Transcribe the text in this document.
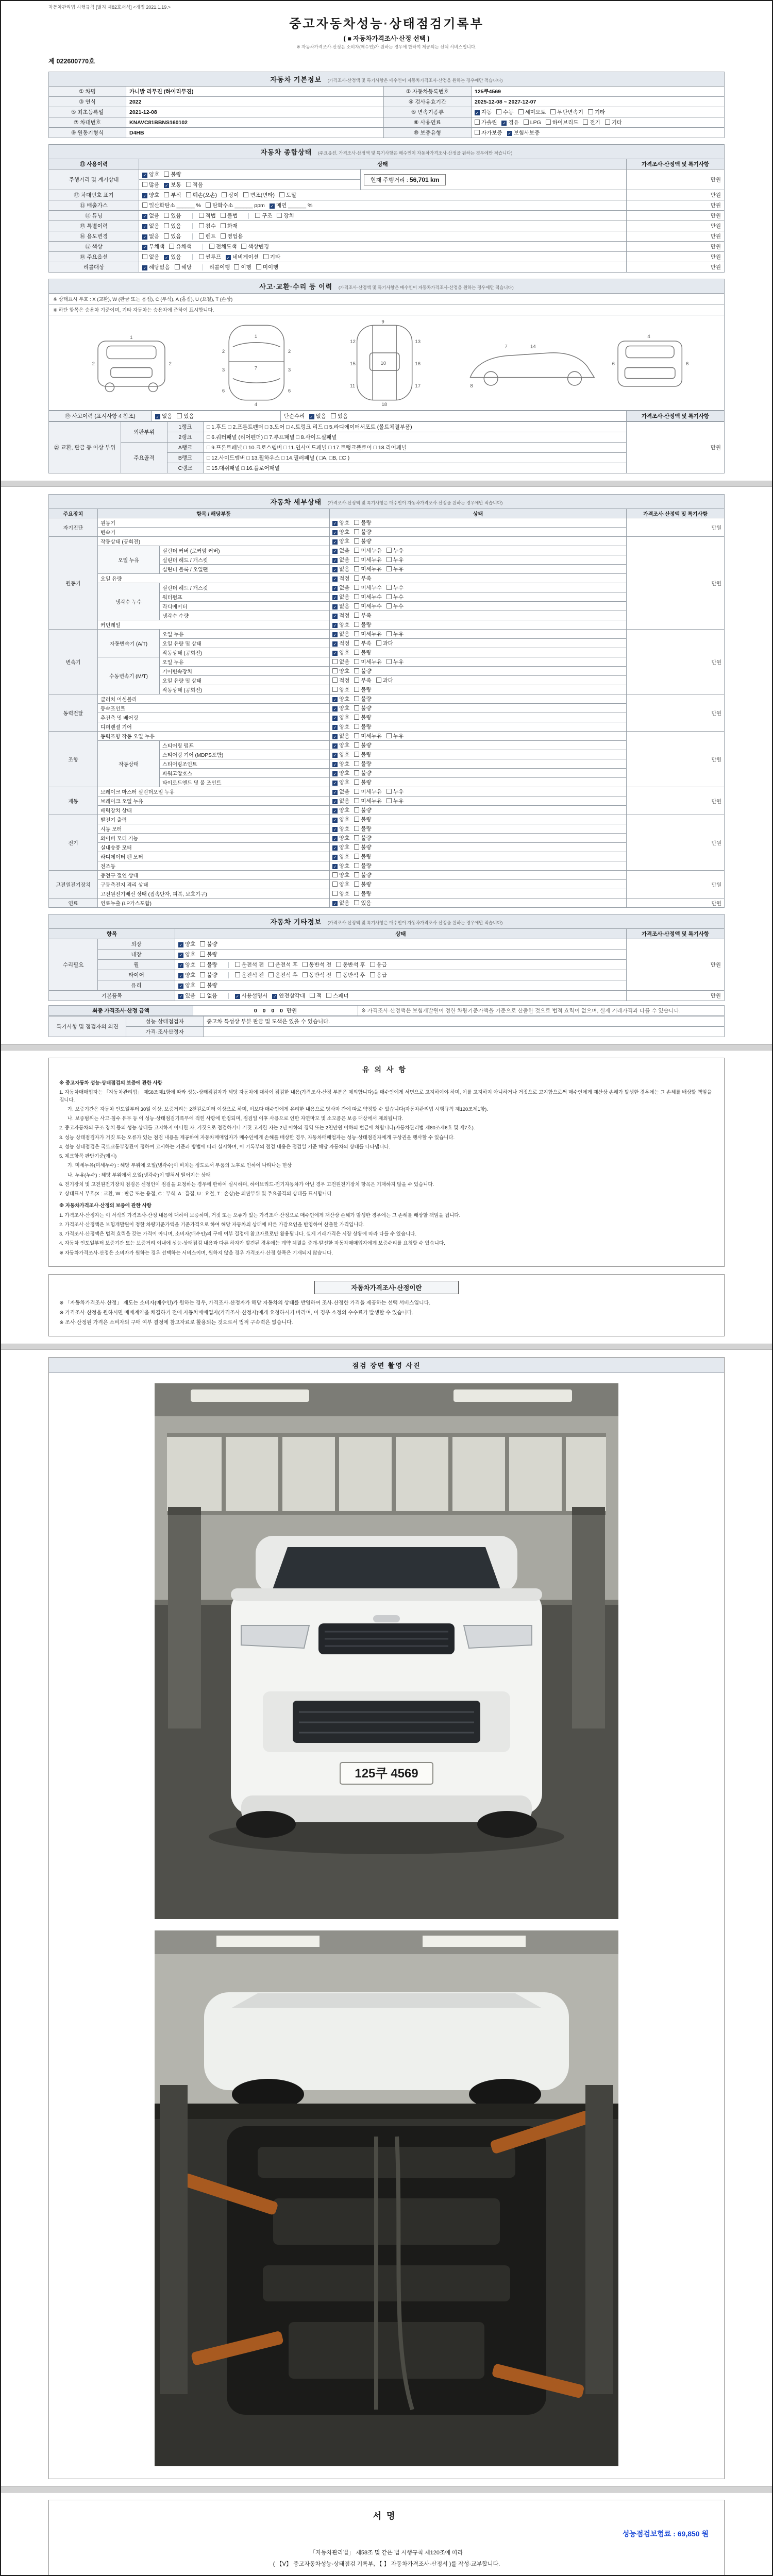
자동차관리법 시행규칙 [별지 제82호서식] <개정 2021.1.19.>
중고자동차성능·상태점검기록부
( ■ 자동차가격조사·산정 선택 )
※ 자동차가격조사·산정은 소비자(매수인)가 원하는 경우에 한하여 제공되는 선택 서비스입니다.
제 022600770호
자동차 기본정보 (가격조사·산정액 및 특기사항은 매수인이 자동차가격조사·산정을 원하는 경우에만 적습니다)
① 차명	카니발 리무진 (하이리무진)	② 자동차등록번호	125쿠4569
③ 연식	2022	④ 검사유효기간	2025-12-08 ~ 2027-12-07
⑤ 최초등록일	2021-12-08	⑥ 변속기종류	✓자동 수동 세미오토 무단변속기 기타
⑦ 차대번호	KNAVC81BBNS160102	⑧ 사용연료	가솔린 ✓ 경유 LPG 하이브리드 전기 기타
⑨ 원동기형식	D4HB	⑩ 보증유형	자가보증 ✓ 보험사보증
자동차 종합상태 (주요옵션, 가격조사·산정액 및 특기사항은 매수인이 자동차가격조사·산정을 원하는 경우에만 적습니다)
⑪ 사용이력	상태		가격조사·산정액 및 특기사항
주행거리 및 계기상태	✓양호 불량	현재 주행거리 : 56,701 km	만원
	많음 ✓ 보통 적음
⑫ 차대번호 표기	✓양호 부식 훼손(오손) 상이 변조(변타) 도말		만원
⑬ 배출가스	일산화탄소 ______ % 탄화수소 ______ ppm ✓ 매연 ______ %		만원
⑭ 튜닝	✓없음 있음 적법 불법 구조 장치		만원
⑮ 특별이력	✓없음 있음 침수 화재		만원
⑯ 용도변경	✓없음 있음 렌트 영업용		만원
⑰ 색상	✓무채색 유채색 전체도색 색상변경		만원
⑱ 주요옵션	없음 ✓ 있음 썬루프 ✓ 네비게이션 기타		만원
리콜대상	✓해당없음 해당 리콜이행 이행 미이행		만원
사고·교환·수리 등 이력 (가격조사·산정액 및 특기사항은 매수인이 자동차가격조사·산정을 원하는 경우에만 적습니다)
※ 상태표시 부호 : X (교환), W (판금 또는 용접), C (부식), A (흠집), U (요철), T (손상)
※ 하단 항목은 승용차 기준이며, 기타 자동차는 승용차에 준하여 표시합니다.
1
2	2
1
2	2
3	3
7
6	6
4
12	13
9
15	16
10
11	17
18
7	14
8
4
6	6
⑲ 사고이력 (표시사항 4 참조)	✓없음 있음	단순수리 ✓ 없음 있음	가격조사·산정액 및 특기사항
⑳ 교환, 판금 등 이상 부위	외판부위	1랭크	□ 1.후드 □ 2.프론트펜더 □ 3.도어 □ 4.트렁크 리드 □ 5.라디에이터서포트 (볼트체결부품)	만원
		2랭크	□ 6.쿼터패널 (리어펜더) □ 7.루프패널 □ 8.사이드실패널	
	주요골격	A랭크	□ 9.프론트패널 □ 10.크로스멤버 □ 11.인사이드패널 □ 17.트렁크플로어 □ 18.리어패널	
		B랭크	□ 12.사이드멤버 □ 13.휠하우스 □ 14.필러패널 ( □A, □B, □C )	
		C랭크	□ 15.대쉬패널 □ 16.플로어패널	
자동차 세부상태 (가격조사·산정액 및 특기사항은 매수인이 자동차가격조사·산정을 원하는 경우에만 적습니다)
주요장치	항목 / 해당부품		상태	가격조사·산정액 및 특기사항
자기진단	원동기	✓양호 불량	만원
	변속기	✓양호 불량
원동기	작동상태 (공회전)	✓양호 불량	만원
	오일 누유	실린더 커버 (로커암 커버)	✓없음 미세누유 누유
		실린더 헤드 / 개스킷	✓없음 미세누유 누유
		실린더 블록 / 오일팬	✓없음 미세누유 누유
	오일 유량	✓적정 부족
	냉각수 누수	실린더 헤드 / 개스킷	✓없음 미세누수 누수
		워터펌프	✓없음 미세누수 누수
		라디에이터	✓없음 미세누수 누수
		냉각수 수량	✓적정 부족
	커먼레일	✓양호 불량
변속기	자동변속기 (A/T)	오일 누유	✓없음 미세누유 누유	만원
		오일 유량 및 상태	✓적정 부족 과다
		작동상태 (공회전)	✓양호 불량
	수동변속기 (M/T)	오일 누유	없음 미세누유 누유	
		기어변속장치	양호 불량	
		오일 유량 및 상태	적정 부족 과다	
		작동상태 (공회전)	양호 불량	
동력전달	클러치 어셈블리	✓양호 불량	만원
	등속조인트	✓양호 불량
	추진축 및 베어링	✓양호 불량
	디퍼렌셜 기어	✓양호 불량
조향	동력조향 작동 오일 누유	✓없음 미세누유 누유	만원
	작동상태	스티어링 펌프	✓양호 불량
		스티어링 기어 (MDPS포함)	✓양호 불량
		스티어링조인트	✓양호 불량
		파워고압호스	✓양호 불량
		타이로드엔드 및 볼 조인트	✓양호 불량
제동	브레이크 마스터 실린더오일 누유	✓없음 미세누유 누유	만원
	브레이크 오일 누유	✓없음 미세누유 누유
	배력장치 상태	✓양호 불량
전기	발전기 출력	✓양호 불량	만원
	시동 모터	✓양호 불량
	와이퍼 모터 기능	✓양호 불량
	실내송풍 모터	✓양호 불량
	라디에이터 팬 모터	✓양호 불량
	전조등	✓양호 불량
고전원전기장치	충전구 절연 상태		양호 불량	만원
	구동축전지 격리 상태		양호 불량	
	고전원전기배선 상태 (접속단자, 피복, 보호기구)		양호 불량	
연료	연료누출 (LP가스포함)	✓없음 있음	만원
자동차 기타정보 (가격조사·산정액 및 특기사항은 매수인이 자동차가격조사·산정을 원하는 경우에만 적습니다)
항목		상태	가격조사·산정액 및 특기사항
수리필요	외장	✓양호 불량	만원
	내장	✓양호 불량
	휠	✓양호 불량 운전석 전 운전석 후 동반석 전 동반석 후 응급
	타이어	✓양호 불량 운전석 전 운전석 후 동반석 전 동반석 후 응급
	유리	✓양호 불량
기본품목	✓있음 없음 ✓ 사용설명서 ✓ 안전삼각대 잭 스패너	만원
최종 가격조사·산정 금액	0 0 0 0 만원	※ 가격조사·산정액은 보험개발원이 정한 차량기준가액을 기준으로 산출한 것으로 법적 효력이 없으며, 실제 거래가격과 다를 수 있습니다.
특기사항 및 점검자의 의견	성능·상태점검자	중고차 특성상 부분 판금 및 도색은 있을 수 있습니다.
	가격·조사산정자	
유의사항
※ 중고자동차 성능·상태점검의 보증에 관한 사항
1. 자동차매매업자는 「자동차관리법」 제58조제1항에 따라 성능·상태점검자가 해당 자동차에 대하여 점검한 내용(가격조사·산정 부분은 제외합니다)을 매수인에게 서면으로 고지하여야 하며, 이를 고지하지 아니하거나 거짓으로 고지함으로써 매수인에게 재산상 손해가 발생한 경우에는 그 손해를 배상할 책임을 집니다.
가. 보증기간은 자동차 인도일부터 30일 이상, 보증거리는 2천킬로미터 이상으로 하며, 이보다 매수인에게 유리한 내용으로 당사자 간에 따로 약정할 수 있습니다(자동차관리법 시행규칙 제120조제1항).
나. 보증범위는 사고·침수 유무 등 이 성능·상태점검기록부에 적힌 사항에 한정되며, 점검일 이후 사용으로 인한 자연마모 및 소모품은 보증 대상에서 제외됩니다.
2. 중고자동차의 구조·장치 등의 성능·상태를 고지하지 아니한 자, 거짓으로 점검하거나 거짓 고지한 자는 2년 이하의 징역 또는 2천만원 이하의 벌금에 처합니다(자동차관리법 제80조제6호 및 제7호).
3. 성능·상태점검자가 거짓 또는 오류가 있는 점검 내용을 제공하여 자동차매매업자가 매수인에게 손해를 배상한 경우, 자동차매매업자는 성능·상태점검자에게 구상권을 행사할 수 있습니다.
4. 성능·상태점검은 국토교통부장관이 정하여 고시하는 기준과 방법에 따라 실시하며, 이 기록부의 점검 내용은 점검일 기준 해당 자동차의 상태를 나타냅니다.
5. 체크항목 판단기준(예시)
가. 미세누유(미세누수) : 해당 부위에 오일(냉각수)이 비치는 정도로서 부품의 노후로 인하여 나타나는 현상
나. 누유(누수) : 해당 부위에서 오일(냉각수)이 맺혀서 떨어지는 상태
6. 전기장치 및 고전원전기장치 점검은 신청인이 점검을 요청하는 경우에 한하여 실시하며, 하이브리드·전기자동차가 아닌 경우 고전원전기장치 항목은 기재하지 않을 수 있습니다.
7. 상태표시 부호(X : 교환, W : 판금 또는 용접, C : 부식, A : 흠집, U : 요철, T : 손상)는 외판부위 및 주요골격의 상태를 표시합니다.
※ 자동차가격조사·산정의 보증에 관한 사항
1. 가격조사·산정자는 이 서식의 가격조사·산정 내용에 대하여 보증하며, 거짓 또는 오류가 있는 가격조사·산정으로 매수인에게 재산상 손해가 발생한 경우에는 그 손해를 배상할 책임을 집니다.
2. 가격조사·산정액은 보험개발원이 정한 차량기준가액을 기준가격으로 하여 해당 자동차의 상태에 따른 가감요인을 반영하여 산출한 가격입니다.
3. 가격조사·산정액은 법적 효력을 갖는 가격이 아니며, 소비자(매수인)의 구매 여부 결정에 참고자료로만 활용됩니다. 실제 거래가격은 시장 상황에 따라 다를 수 있습니다.
4. 자동차 인도일부터 보증기간 또는 보증거리 이내에 성능·상태점검 내용과 다른 하자가 발견된 경우에는 계약 체결을 중개·알선한 자동차매매업자에게 보증수리를 요청할 수 있습니다.
※ 자동차가격조사·산정은 소비자가 원하는 경우 선택하는 서비스이며, 원하지 않을 경우 가격조사·산정 항목은 기재되지 않습니다.
자동차가격조사·산정이란
※ 「자동차가격조사·산정」 제도는 소비자(매수인)가 원하는 경우, 가격조사·산정자가 해당 자동차의 상태를 반영하여 조사·산정한 가격을 제공하는 선택 서비스입니다.
※ 가격조사·산정을 원하시면 매매계약을 체결하기 전에 자동차매매업자(가격조사·산정자)에게 요청하시기 바라며, 이 경우 소정의 수수료가 발생할 수 있습니다.
※ 조사·산정된 가격은 소비자의 구매 여부 결정에 참고자료로 활용되는 것으로서 법적 구속력은 없습니다.
점검 장면 촬영 사진
125쿠 4569
서명
성능점검보험료 : 69,850 원
「자동차관리법」 제58조 및 같은 법 시행규칙 제120조에 따라
( 【Ⅴ】 중고자동차성능·상태점검 기록부, 【 】 자동차가격조사·산정서 )를 작성·교부합니다.
